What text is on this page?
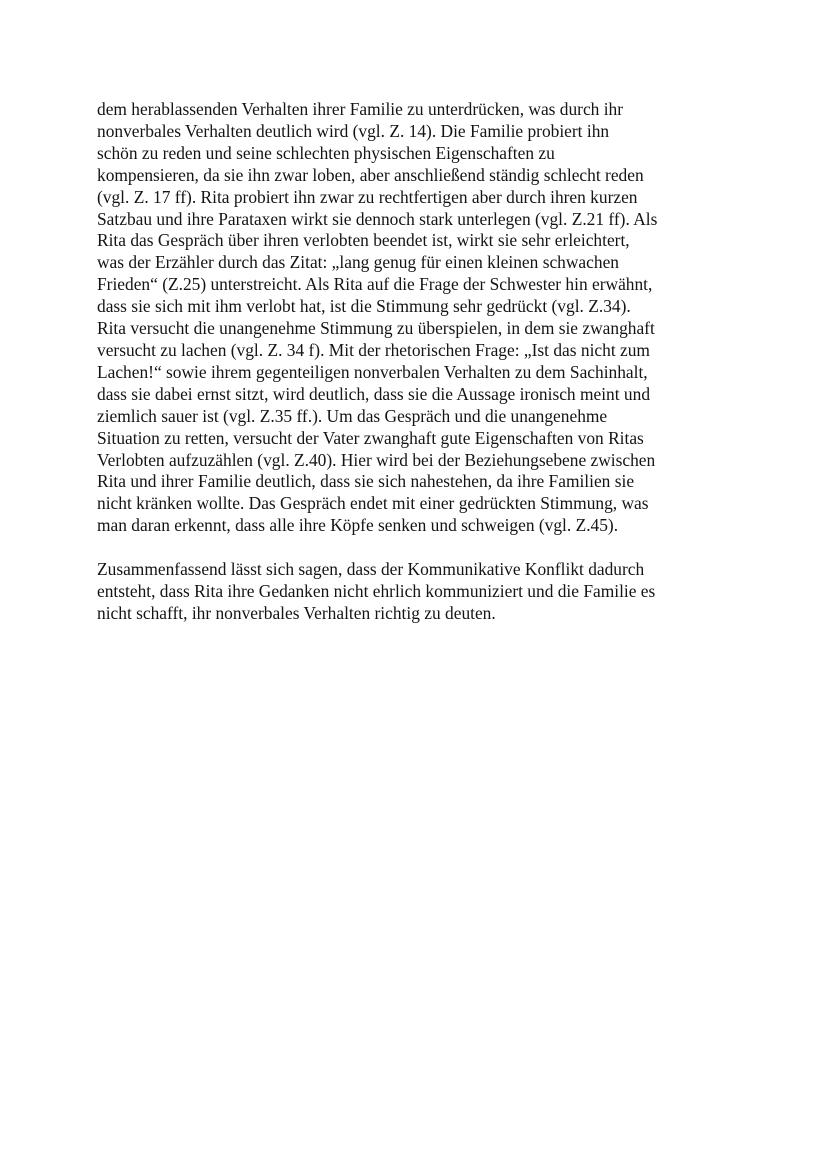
dem herablassenden Verhalten ihrer Familie zu unterdrücken, was durch ihr
nonverbales Verhalten deutlich wird (vgl. Z. 14). Die Familie probiert ihn
schön zu reden und seine schlechten physischen Eigenschaften zu
kompensieren, da sie ihn zwar loben, aber anschließend ständig schlecht reden
(vgl. Z. 17 ff). Rita probiert ihn zwar zu rechtfertigen aber durch ihren kurzen
Satzbau und ihre Parataxen wirkt sie dennoch stark unterlegen (vgl. Z.21 ff). Als
Rita das Gespräch über ihren verlobten beendet ist, wirkt sie sehr erleichtert,
was der Erzähler durch das Zitat: „lang genug für einen kleinen schwachen
Frieden“ (Z.25) unterstreicht. Als Rita auf die Frage der Schwester hin erwähnt,
dass sie sich mit ihm verlobt hat, ist die Stimmung sehr gedrückt (vgl. Z.34).
Rita versucht die unangenehme Stimmung zu überspielen, in dem sie zwanghaft
versucht zu lachen (vgl. Z. 34 f). Mit der rhetorischen Frage: „Ist das nicht zum
Lachen!“ sowie ihrem gegenteiligen nonverbalen Verhalten zu dem Sachinhalt,
dass sie dabei ernst sitzt, wird deutlich, dass sie die Aussage ironisch meint und
ziemlich sauer ist (vgl. Z.35 ff.). Um das Gespräch und die unangenehme
Situation zu retten, versucht der Vater zwanghaft gute Eigenschaften von Ritas
Verlobten aufzuzählen (vgl. Z.40). Hier wird bei der Beziehungsebene zwischen
Rita und ihrer Familie deutlich, dass sie sich nahestehen, da ihre Familien sie
nicht kränken wollte. Das Gespräch endet mit einer gedrückten Stimmung, was
man daran erkennt, dass alle ihre Köpfe senken und schweigen (vgl. Z.45).
Zusammenfassend lässt sich sagen, dass der Kommunikative Konflikt dadurch
entsteht, dass Rita ihre Gedanken nicht ehrlich kommuniziert und die Familie es
nicht schafft, ihr nonverbales Verhalten richtig zu deuten.
